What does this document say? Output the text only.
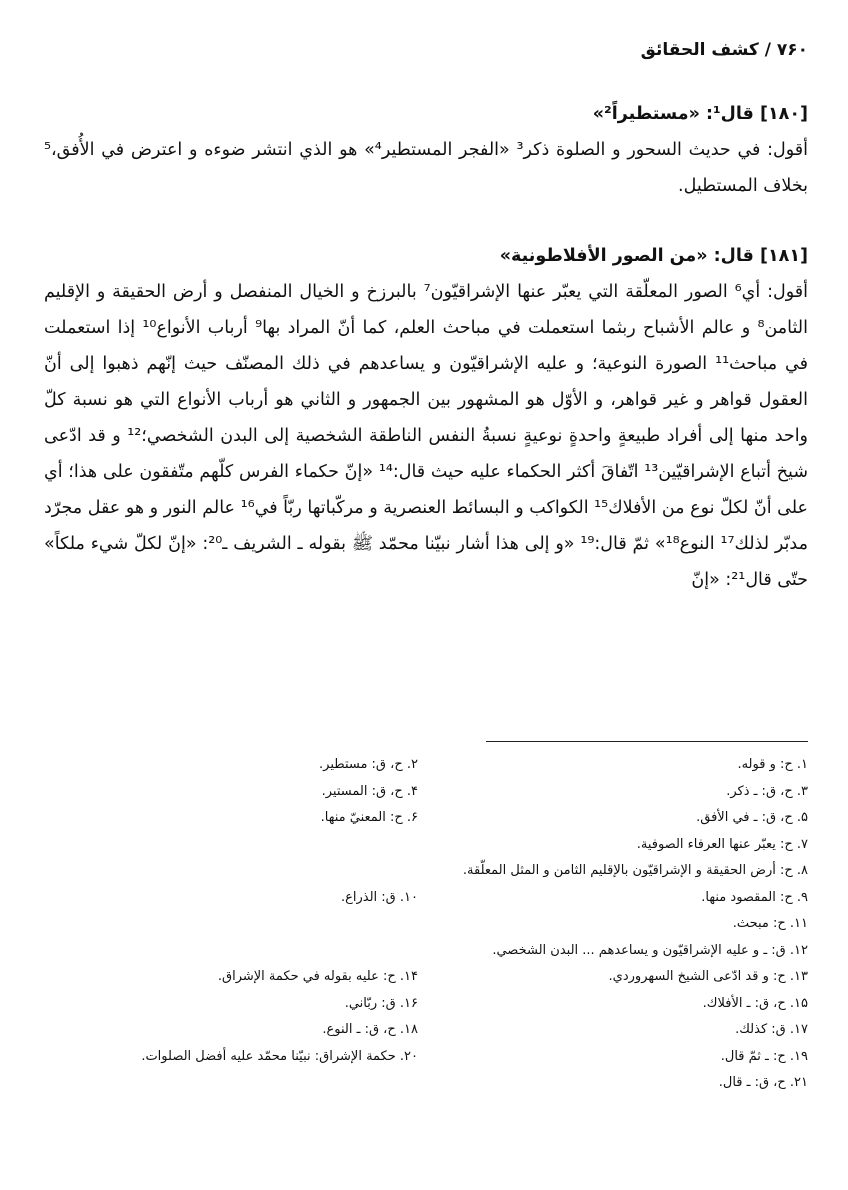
۷۶۰ / کشف الحقائق

[۱۸۰] قال¹: «مستطیراً²»

أقول: في حديث السحور و الصلوة ذكر³ «الفجر المستطير⁴» هو الذي انتشر ضوءه و اعترض في الأُفق،⁵ بخلاف المستطيل.

[۱۸۱] قال: «من الصور الأفلاطونية»

أقول: أي⁶ الصور المعلّقة التي يعبّر عنها الإشراقيّون⁷ بالبرزخ و الخيال المنفصل و أرض الحقيقة و الإقليم الثامن⁸ و عالم الأشباح ربثما استعملت في مباحث العلم، كما أنّ المراد بها⁹ أرباب الأنواع¹⁰ إذا استعملت في مباحث¹¹ الصورة النوعية؛ و عليه الإشراقيّون و يساعدهم في ذلك المصنّف حيث إنّهم ذهبوا إلى أنّ العقول قواهر و غير قواهر، و الأوّل هو المشهور بين الجمهور و الثاني هو أرباب الأنواع التي هو نسبة كلّ واحد منها إلى أفراد طبيعةٍ واحدةٍ نوعيةٍ نسبةُ النفس الناطقة الشخصية إلى البدن الشخصي؛¹² و قد ادّعى شيخ أتباع الإشراقيّين¹³ اتّفاقَ أكثر الحكماء عليه حيث قال:¹⁴ «إنّ حكماء الفرس كلّهم متّفقون على هذا؛ أي على أنّ لكلّ نوع من الأفلاك¹⁵ الكواكب و البسائط العنصرية و مركّباتها ربّاً في¹⁶ عالم النور و هو عقل مجرّد مدبّر لذلك¹⁷ النوع¹⁸» ثمّ قال:¹⁹ «و إلى هذا أشار نبيّنا محمّد ﷺ بقوله ـ الشريف ـ²⁰: «إنّ لكلّ شيء ملكاً» حتّى قال²¹: «إنّ

۱. ح: و قوله.
۲. ح، ق: مستطير.
۳. ح، ق: ـ ذكر.
۴. ح، ق: المستير.
۵. ح، ق: ـ في الأفق.
۶. ح: المعنيّ منها.
۷. ح: يعبّر عنها العرفاء الصوفية.
۸. ح: أرض الحقيقة و الإشراقيّون بالإقليم الثامن و المثل المعلّقة.
۹. ح: المقصود منها.
۱۰. ق: الذراع.
۱۱. ح: مبحث.
۱۲. ق: ـ و عليه الإشراقيّون و يساعدهم ... البدن الشخصي.
۱۳. ح: و قد ادّعى الشيخ السهروردي.
۱۴. ح: عليه بقوله في حكمة الإشراق.
۱۵. ح، ق: ـ الأفلاك.
۱۶. ق: ربّاني.
۱۷. ق: كذلك.
۱۸. ح، ق: ـ النوع.
۱۹. ح: ـ ثمّ قال.
۲۰. حكمة الإشراق: نبيّنا محمّد عليه أفضل الصلوات.
۲۱. ح، ق: ـ قال.
